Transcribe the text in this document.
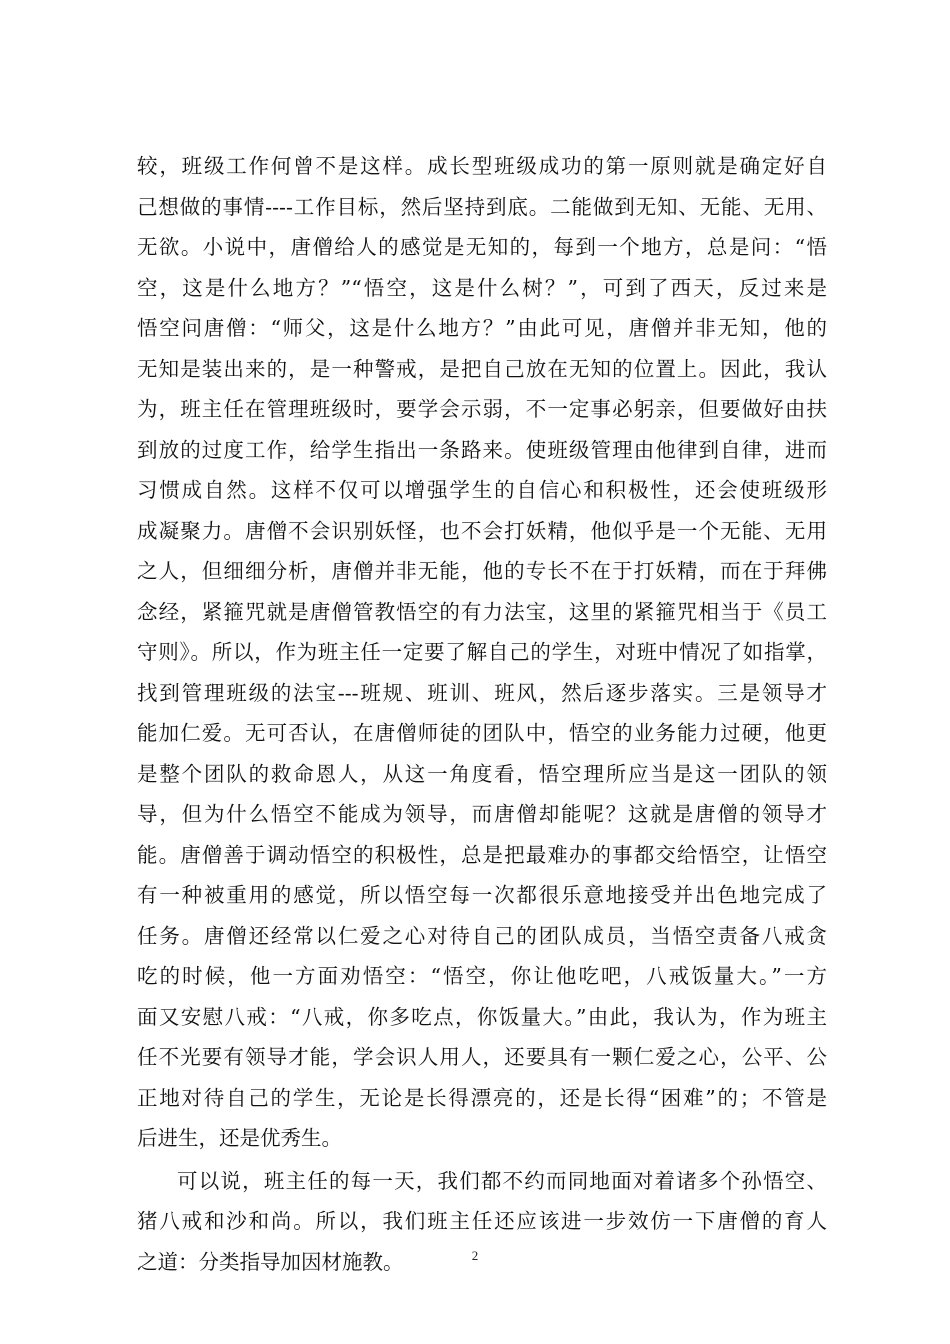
较，班级工作何曾不是这样。成长型班级成功的第一原则就是确定好自
己想做的事情----工作目标，然后坚持到底。二能做到无知、无能、无用、
无欲。小说中，唐僧给人的感觉是无知的，每到一个地方，总是问：“悟
空，这是什么地方？”“悟空，这是什么树？”，可到了西天，反过来是
悟空问唐僧：“师父，这是什么地方？”由此可见，唐僧并非无知，他的
无知是装出来的，是一种警戒，是把自己放在无知的位置上。因此，我认
为，班主任在管理班级时，要学会示弱，不一定事必躬亲，但要做好由扶
到放的过度工作，给学生指出一条路来。使班级管理由他律到自律，进而
习惯成自然。这样不仅可以增强学生的自信心和积极性，还会使班级形
成凝聚力。唐僧不会识别妖怪，也不会打妖精，他似乎是一个无能、无用
之人，但细细分析，唐僧并非无能，他的专长不在于打妖精，而在于拜佛
念经，紧箍咒就是唐僧管教悟空的有力法宝，这里的紧箍咒相当于《员工
守则》。所以，作为班主任一定要了解自己的学生，对班中情况了如指掌，
找到管理班级的法宝---班规、班训、班风，然后逐步落实。三是领导才
能加仁爱。无可否认，在唐僧师徒的团队中，悟空的业务能力过硬，他更
是整个团队的救命恩人，从这一角度看，悟空理所应当是这一团队的领
导，但为什么悟空不能成为领导，而唐僧却能呢？这就是唐僧的领导才
能。唐僧善于调动悟空的积极性，总是把最难办的事都交给悟空，让悟空
有一种被重用的感觉，所以悟空每一次都很乐意地接受并出色地完成了
任务。唐僧还经常以仁爱之心对待自己的团队成员，当悟空责备八戒贪
吃的时候，他一方面劝悟空：“悟空，你让他吃吧，八戒饭量大。”一方
面又安慰八戒：“八戒，你多吃点，你饭量大。”由此，我认为，作为班主
任不光要有领导才能，学会识人用人，还要具有一颗仁爱之心，公平、公
正地对待自己的学生，无论是长得漂亮的，还是长得“困难”的；不管是
后进生，还是优秀生。
可以说，班主任的每一天，我们都不约而同地面对着诸多个孙悟空、
猪八戒和沙和尚。所以，我们班主任还应该进一步效仿一下唐僧的育人
之道：分类指导加因材施教。	2
